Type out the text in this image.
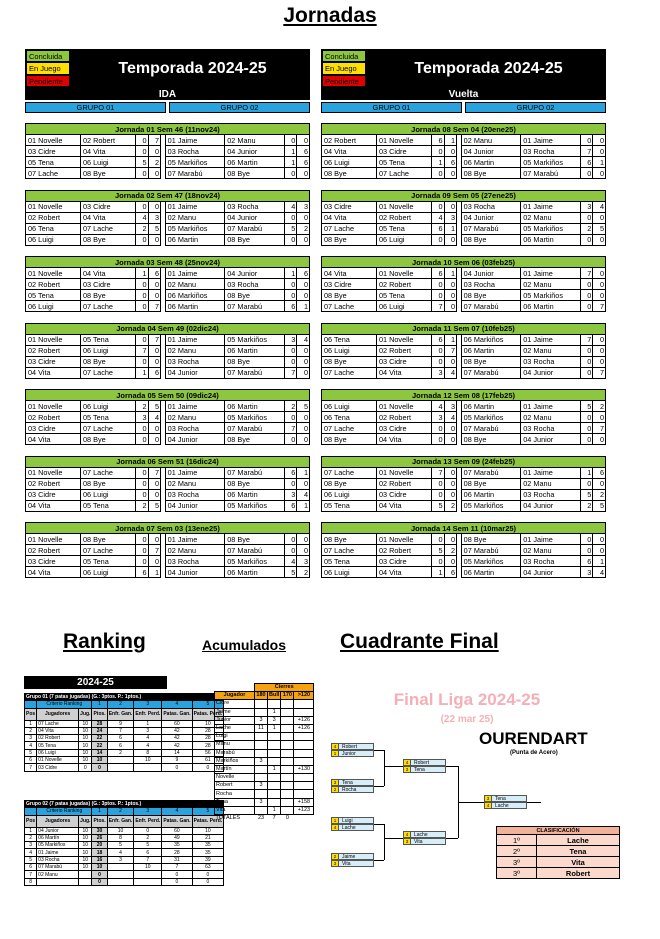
Jornadas
Concluida
En Juego
Pendiente
Temporada 2024-25
IDA
GRUPO 01	GRUPO 02
Concluida
En Juego
Pendiente
Temporada 2024-25
Vuelta
GRUPO 01	GRUPO 02
Jornada 01 Sem 46 (11nov24)								
01 Novelle	02 Robert	0	7		01 Jaime	02 Manu	0	0
03 Cidre	04 Vita	0	0		03 Rocha	04 Junior	1	6
05 Tena	06 Luigi	5	2		05 Markiños	06 Martin	1	6
07 Lache	08 Bye	0	0		07 Marabú	08 Bye	0	0
Jornada 02 Sem 47 (18nov24)								
01 Novelle	03 Cidre	0	0		01 Jaime	03 Rocha	4	3
02 Robert	04 Vita	4	3		02 Manu	04 Junior	0	0
06 Tena	07 Lache	2	5		05 Markiños	07 Marabú	5	2
06 Luigi	08 Bye	0	0		06 Martin	08 Bye	0	0
Jornada 03 Sem 48 (25nov24)								
01 Novelle	04 Vita	1	6		01 Jaime	04 Junior	1	6
02 Robert	03 Cidre	0	0		02 Manu	03 Rocha	0	0
05 Tena	08 Bye	0	0		06 Markiños	08 Bye	0	0
06 Luigi	07 Lache	0	7		06 Martin	07 Marabú	6	1
Jornada 04 Sem 49 (02dic24)								
01 Novelle	05 Tena	0	7		01 Jaime	05 Markiños	3	4
02 Robert	06 Luigi	7	0		02 Manu	06 Martin	0	0
03 Cidre	08 Bye	0	0		03 Rocha	08 Bye	0	0
04 Vita	07 Lache	1	6		04 Junior	07 Marabú	7	0
Jornada 05 Sem 50 (09dic24)								
01 Novelle	06 Luigi	2	5		01 Jaime	06 Martin	2	5
02 Robert	05 Tena	3	4		02 Manu	05 Markiños	0	0
03 Cidre	07 Lache	0	0		03 Rocha	07 Marabú	7	0
04 Vita	08 Bye	0	0		04 Junior	08 Bye	0	0
Jornada 06 Sem 51 (16dic24)								
01 Novelle	07 Lache	0	7		01 Jaime	07 Marabú	6	1
02 Robert	08 Bye	0	0		02 Manu	08 Bye	0	0
03 Cidre	06 Luigi	0	0		03 Rocha	06 Martin	3	4
04 Vita	05 Tena	2	5		04 Junior	05 Markiños	6	1
Jornada 07 Sem 03 (13ene25)								
01 Novelle	08 Bye	0	0		01 Jaime	08 Bye	0	0
02 Robert	07 Lache	0	7		02 Manu	07 Marabú	0	0
03 Cidre	05 Tena	0	0		03 Rocha	05 Markiños	4	3
04 Vita	06 Luigi	6	1		04 Junior	06 Martin	5	2
Jornada 08 Sem 04 (20ene25)								
02 Robert	01 Novelle	6	1		02 Manu	01 Jaime	0	0
04 Vita	03 Cidre	0	0		04 Junior	03 Rocha	7	0
06 Luigi	05 Tena	1	6		06 Martin	05 Markiños	6	1
08 Bye	07 Lache	0	0		08 Bye	07 Marabú	0	0
Jornada 09 Sem 05 (27ene25)								
03 Cidre	01 Novelle	0	0		03 Rocha	01 Jaime	3	4
04 Vita	02 Robert	4	3		04 Junior	02 Manu	0	0
07 Lache	05 Tena	6	1		07 Marabú	05 Markiños	2	5
08 Bye	06 Luigi	0	0		08 Bye	06 Martin	0	0
Jornada 10 Sem 06 (03feb25)								
04 Vita	01 Novelle	6	1		04 Junior	01 Jaime	7	0
03 Cidre	02 Robert	0	0		03 Rocha	02 Manu	0	0
08 Bye	05 Tena	0	0		08 Bye	05 Markiños	0	0
07 Lache	06 Luigi	7	0		07 Marabú	06 Martin	0	7
Jornada 11 Sem 07 (10feb25)								
06 Tena	01 Novelle	6	1		06 Markiños	01 Jaime	7	0
06 Luigi	02 Robert	0	7		06 Martin	02 Manu	0	0
08 Bye	03 Cidre	0	0		08 Bye	03 Rocha	0	0
07 Lache	04 Vita	3	4		07 Marabú	04 Junior	0	7
Jornada 12 Sem 08 (17feb25)								
06 Luigi	01 Novelle	4	3		06 Martin	01 Jaime	5	2
06 Tena	02 Robert	3	4		05 Markiños	02 Manu	0	0
07 Lache	03 Cidre	0	0		07 Marabú	03 Rocha	0	7
08 Bye	04 Vita	0	0		08 Bye	04 Junior	0	0
Jornada 13 Sem 09 (24feb25)								
07 Lache	01 Novelle	7	0		07 Marabú	01 Jaime	1	6
08 Bye	02 Robert	0	0		08 Bye	02 Manu	0	0
06 Luigi	03 Cidre	0	0		06 Martin	03 Rocha	5	2
05 Tena	04 Vita	5	2		05 Markiños	04 Junior	2	5
Jornada 14 Sem 11 (10mar25)								
08 Bye	01 Novelle	0	0		08 Bye	01 Jaime	0	0
07 Lache	02 Robert	5	2		07 Marabú	02 Manu	0	0
05 Tena	03 Cidre	0	0		05 Markiños	03 Rocha	6	1
06 Luigi	04 Vita	1	6		06 Martin	04 Junior	3	4
Ranking	Acumulados	Cuadrante Final
2024-25
Grupo 01 (7 patas jugadas) (G.: 3ptos. P.: 1ptos.)							
	Criterio Ranking		1	2	3	4	5
Pos	Jugadores	Jug.	Ptos.	Enfr. Gan.	Enfr. Perd.	Patas. Gan.	Patas. Perd.
1	07 Lache	10	28	9	1	60	10
2	04 Vita	10	24	7	3	42	28
3	02 Robert	10	22	6	4	42	28
4	05 Tena	10	22	6	4	42	28
5	06 Luigi	10	14	2	8	14	56
6	01 Novelle	10	10		10	9	61
7	03 Cidre	0	0			0	0
Grupo 02 (7 patas jugadas) (G.: 3ptos. P.: 1ptos.)							
	Criterio Ranking		1	2	3	4	5
Pos	Jugadores	Jug.	Ptos.	Enfr. Gan.	Enfr. Perd.	Patas. Gan.	Patas. Perd.
1	04 Junior	10	30	10	0	60	10
2	06 Martín	10	26	8	2	49	21
3	05 Markiños	10	20	5	5	35	35
4	01 Jaime	10	18	4	6	28	35
5	03 Rocha	10	16	3	7	31	39
6	07 Marabú	10	10		10	7	63
7	02 Manu		0			0	0
8			0			0	0
	Cierres			
Jugador	180	Bull	170	>120
Cidre				
Jaime		1		
Junior	3	3		+126
Lache	11	1		+126
Luigi				
Manu				
Marabú				
Markiños	3			
Martín		1		+130
Novelle				
Robert	3			
Rocha				
Tena	3			+158
Vita		1		+123
TOTALES	23	7	0	
Final Liga 2024-25
(22 mar 25)
OURENDART
(Punta de Acero)
4	Robert
1	Junior
3	Tena
2	Rocha
1	Luigi
4	Lache
2	Jaime
3	Vita
4	Robert
3	Tena
4	Lache
3	Vita
3	Tena
4	Lache
CLASIFICACIÓN	
1º	Lache
2º	Tena
3º	Vita
3º	Robert
